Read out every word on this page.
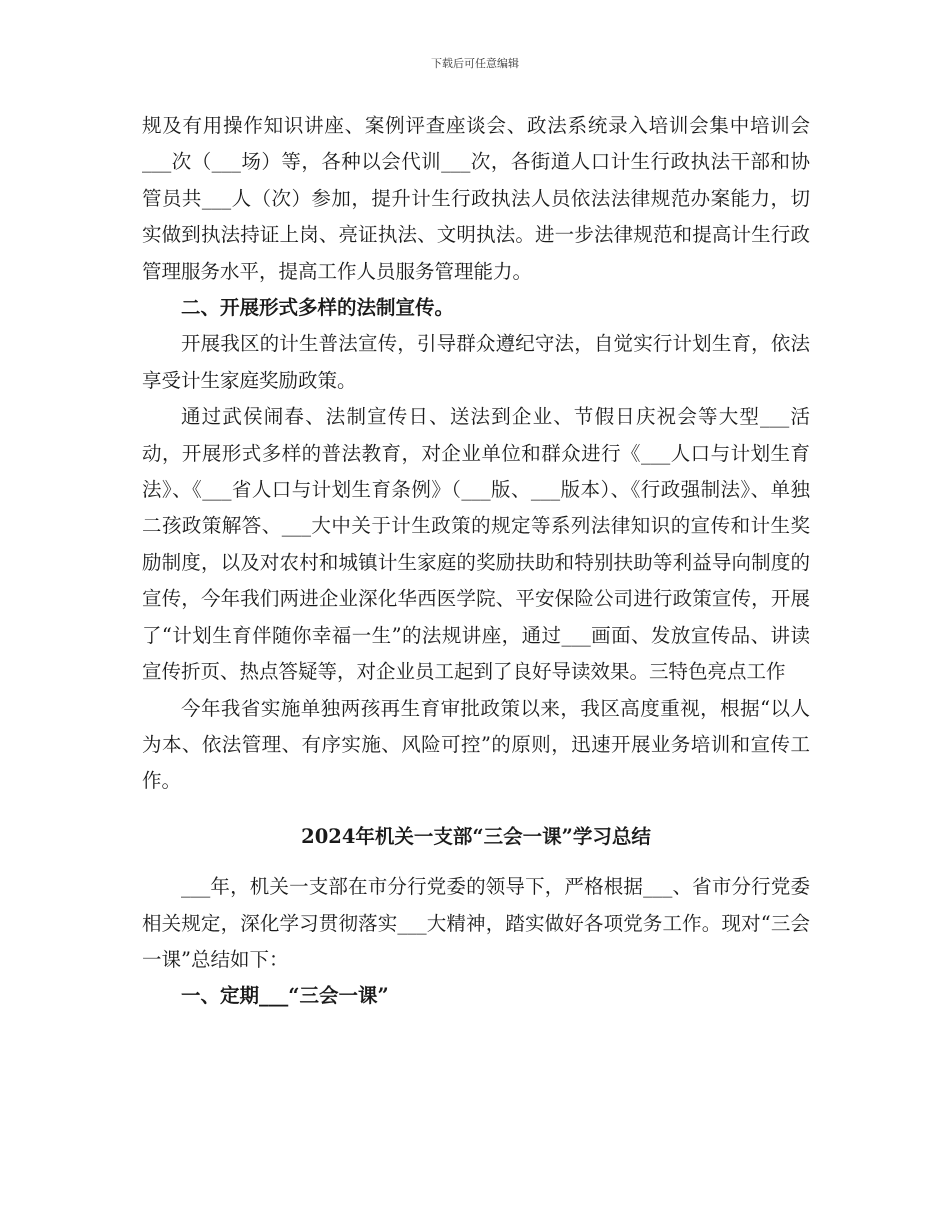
下载后可任意编辑

规及有用操作知识讲座、案例评查座谈会、政法系统录入培训会集中培训会___次（___场）等，各种以会代训___次，各街道人口计生行政执法干部和协管员共___人（次）参加，提升计生行政执法人员依法法律规范办案能力，切实做到执法持证上岗、亮证执法、文明执法。进一步法律规范和提高计生行政管理服务水平，提高工作人员服务管理能力。

二、开展形式多样的法制宣传。

开展我区的计生普法宣传，引导群众遵纪守法，自觉实行计划生育，依法享受计生家庭奖励政策。

通过武侯闹春、法制宣传日、送法到企业、节假日庆祝会等大型___活动，开展形式多样的普法教育，对企业单位和群众进行《___人口与计划生育法》、《___省人口与计划生育条例》（___版、___版本）、《行政强制法》、单独二孩政策解答、___大中关于计生政策的规定等系列法律知识的宣传和计生奖励制度，以及对农村和城镇计生家庭的奖励扶助和特别扶助等利益导向制度的宣传，今年我们两进企业深化华西医学院、平安保险公司进行政策宣传，开展了“计划生育伴随你幸福一生”的法规讲座，通过___画面、发放宣传品、讲读宣传折页、热点答疑等，对企业员工起到了良好导读效果。三特色亮点工作

今年我省实施单独两孩再生育审批政策以来，我区高度重视，根据“以人为本、依法管理、有序实施、风险可控”的原则，迅速开展业务培训和宣传工作。

2024年机关一支部“三会一课”学习总结

___年，机关一支部在市分行党委的领导下，严格根据___、省市分行党委相关规定，深化学习贯彻落实___大精神，踏实做好各项党务工作。现对“三会一课”总结如下：

一、定期___“三会一课”
